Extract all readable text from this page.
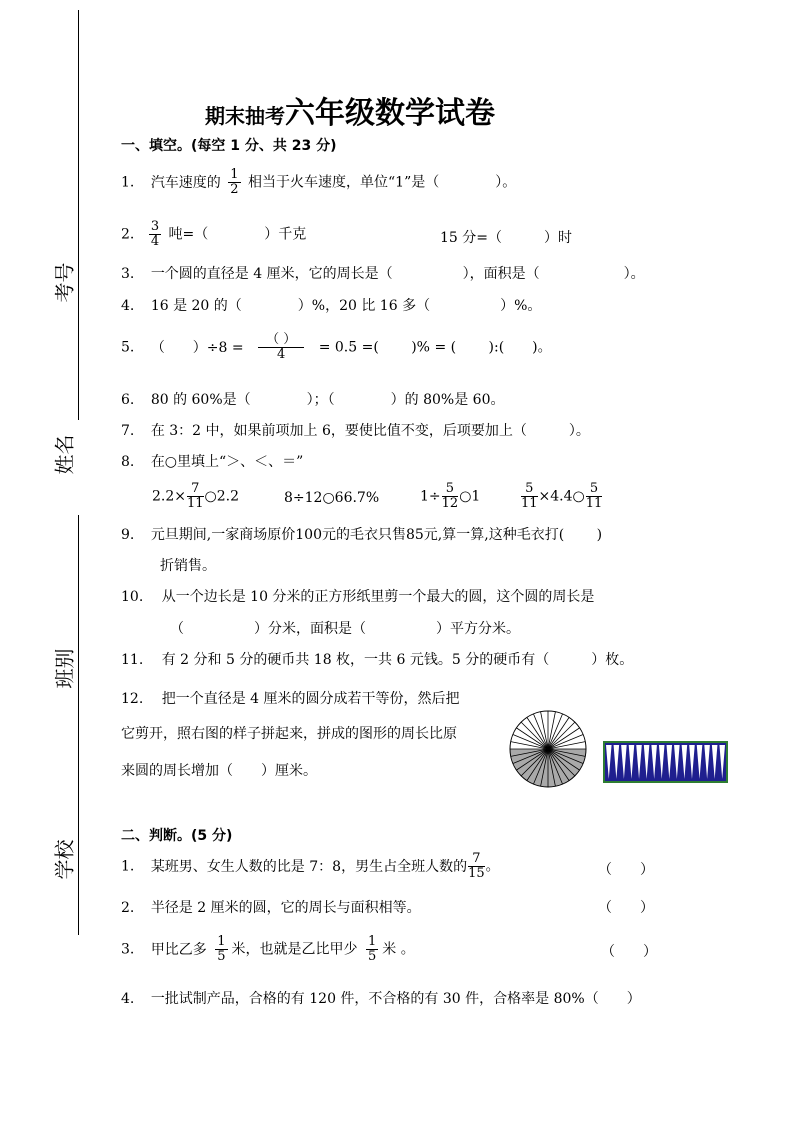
考号
姓名
班别
学校
期末抽考六年级数学试卷
一、填空。(每空 1 分、共 23 分)
1. 汽车速度的 $\frac{1}{2}$ 相当于火车速度，单位“1”是（　　　　）。
2. $\frac{3}{4}$ 吨=（　　　　）千克	15 分=（　　　）时
3. 一个圆的直径是 4 厘米，它的周长是（　　　　　），面积是（　　　　　　）。
4. 16 是 20 的（　　　　）%，20 比 16 多（　　　　　）%。
5. （　　）$\div 8 = \frac{( )}{4} = 0.5$ =(　　 )% = (　　 ):(　　)。
6. 80 的 60%是（　　　　）；（　　　　）的 80%是 60。
7. 在 3：2 中，如果前项加上 6，要使比值不变，后项要加上（　　　）。
8. 在○里填上“＞、＜、＝”
$2.2\times \frac{7}{11}$ ○2.2	8÷12○66.7%	$1\div \frac{5}{12}$ ○1	$\frac{5}{11}$ ×4.4○ $\frac{5}{11}$
9. 元旦期间,一家商场原价100元的毛衣只售85元,算一算,这种毛衣打(　　 )
折销售。
10. 从一个边长是 10 分米的正方形纸里剪一个最大的圆，这个圆的周长是
（　　　　　）分米，面积是（　　　　　）平方分米。
11. 有 2 分和 5 分的硬币共 18 枚，一共 6 元钱。5 分的硬币有（　　　）枚。
12. 把一个直径是 4 厘米的圆分成若干等份，然后把
它剪开，照右图的样子拼起来，拼成的图形的周长比原
来圆的周长增加（　　）厘米。
二、判断。(5 分)
1. 某班男、女生人数的比是 7：8，男生占全班人数的 $\frac{7}{15}$ 。	（　　）
2. 半径是 2 厘米的圆，它的周长与面积相等。	（　　）
3. 甲比乙多 $\frac{1}{5}$ 米，也就是乙比甲少 $\frac{1}{5}$ 米 。	（　　）
4. 一批试制产品，合格的有 120 件，不合格的有 30 件，合格率是 80%（　　）
